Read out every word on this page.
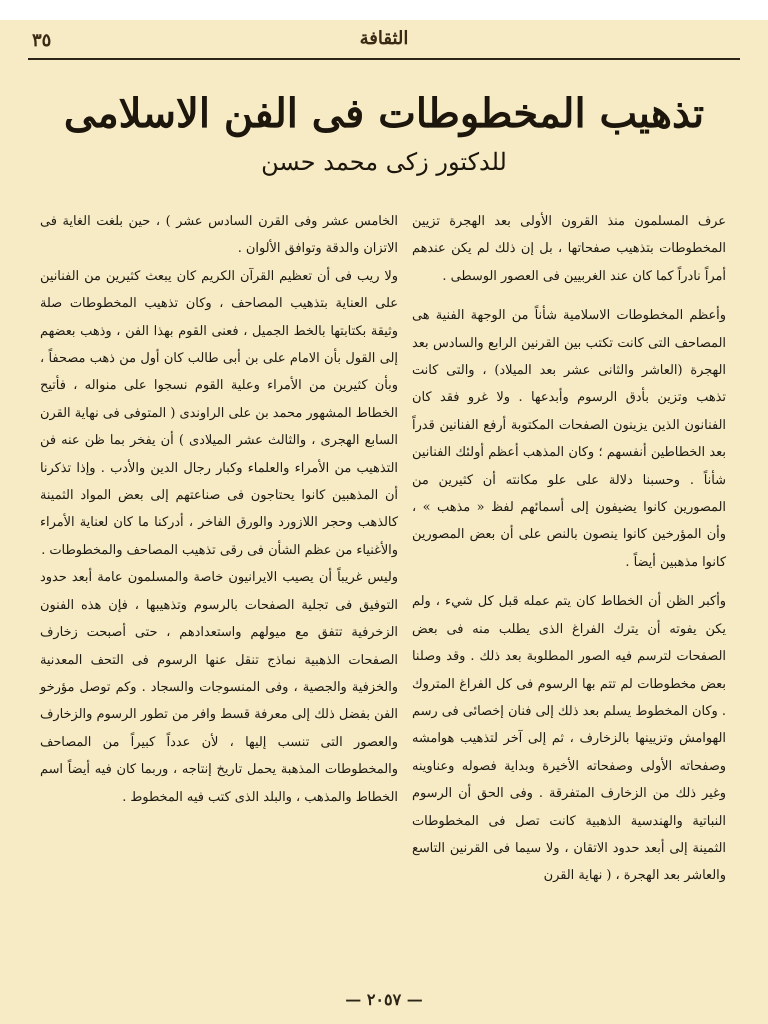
الثقافة
٣٥
تذهيب المخطوطات فى الفن الاسلامى
للدكتور زكى محمد حسن

عرف المسلمون منذ القرون الأولى بعد الهجرة تزيين المخطوطات بتذهيب صفحاتها ، بل إن ذلك لم يكن عندهم أمراً نادراً كما كان عند الغربيين فى العصور الوسطى .

وأعظم المخطوطات الاسلامية شأناً من الوجهة الفنية هى المصاحف التى كانت تكتب بين القرنين الرابع والسادس بعد الهجرة (العاشر والثانى عشر بعد الميلاد) ، والتى كانت تذهب وتزين بأدق الرسوم وأبدعها . ولا غرو فقد كان الفنانون الذين يزينون الصفحات المكتوبة أرفع الفنانين قدراً بعد الخطاطين أنفسهم ؛ وكان المذهب أعظم أولئك الفنانين شأناً . وحسبنا دلالة على علو مكانته أن كثيرين من المصورين كانوا يضيفون إلى أسمائهم لفظ « مذهب » ، وأن المؤرخين كانوا ينصون بالنص على أن بعض المصورين كانوا مذهبين أيضاً .

وأكبر الظن أن الخطاط كان يتم عمله قبل كل شيء ، ولم يكن يفوته أن يترك الفراغ الذى يطلب منه فى بعض الصفحات لترسم فيه الصور المطلوبة بعد ذلك . وقد وصلنا بعض مخطوطات لم تتم بها الرسوم فى كل الفراغ المتروك . وكان المخطوط يسلم بعد ذلك إلى فنان إخصائى فى رسم الهوامش وتزيينها بالزخارف ، ثم إلى آخر لتذهيب هوامشه وصفحاته الأولى وصفحاته الأخيرة وبداية فصوله وعناوينه وغير ذلك من الزخارف المتفرقة . وفى الحق أن الرسوم النباتية والهندسية الذهبية كانت تصل فى المخطوطات الثمينة إلى أبعد حدود الاتقان ، ولا سيما فى القرنين التاسع والعاشر بعد الهجرة ، ( نهاية القرن

الخامس عشر وفى القرن السادس عشر ) ، حين بلغت الغاية فى الاتزان والدقة وتوافق الألوان .

ولا ريب فى أن تعظيم القرآن الكريم كان يبعث كثيرين من الفنانين على العناية بتذهيب المصاحف ، وكان تذهيب المخطوطات صلة وثيقة بكتابتها بالخط الجميل ، فعنى القوم بهذا الفن ، وذهب بعضهم إلى القول بأن الامام على بن أبى طالب كان أول من ذهب مصحفاً ، وبأن كثيرين من الأمراء وعلية القوم نسجوا على منواله ، فأتيح الخطاط المشهور محمد بن على الراوندى ( المتوفى فى نهاية القرن السابع الهجرى ، والثالث عشر الميلادى ) أن يفخر بما ظن عنه فن التذهيب من الأمراء والعلماء وكبار رجال الدين والأدب . وإذا تذكرنا أن المذهبين كانوا يحتاجون فى صناعتهم إلى بعض المواد الثمينة كالذهب وحجر اللازورد والورق الفاخر ، أدركنا ما كان لعناية الأمراء والأغنياء من عظم الشأن فى رقى تذهيب المصاحف والمخطوطات .

وليس غريباً أن يصيب الايرانيون خاصة والمسلمون عامة أبعد حدود التوفيق فى تجلية الصفحات بالرسوم وتذهيبها ، فإن هذه الفنون الزخرفية تتفق مع ميولهم واستعدادهم ، حتى أصبحت زخارف الصفحات الذهبية نماذج تنقل عنها الرسوم فى التحف المعدنية والخزفية والجصية ، وفى المنسوجات والسجاد . وكم توصل مؤرخو الفن بفضل ذلك إلى معرفة قسط وافر من تطور الرسوم والزخارف والعصور التى تنسب إليها ، لأن عدداً كبيراً من المصاحف والمخطوطات المذهبة يحمل تاريخ إنتاجه ، وربما كان فيه أيضاً اسم الخطاط والمذهب ، والبلد الذى كتب فيه المخطوط .

— ٢٠٥٧ —
